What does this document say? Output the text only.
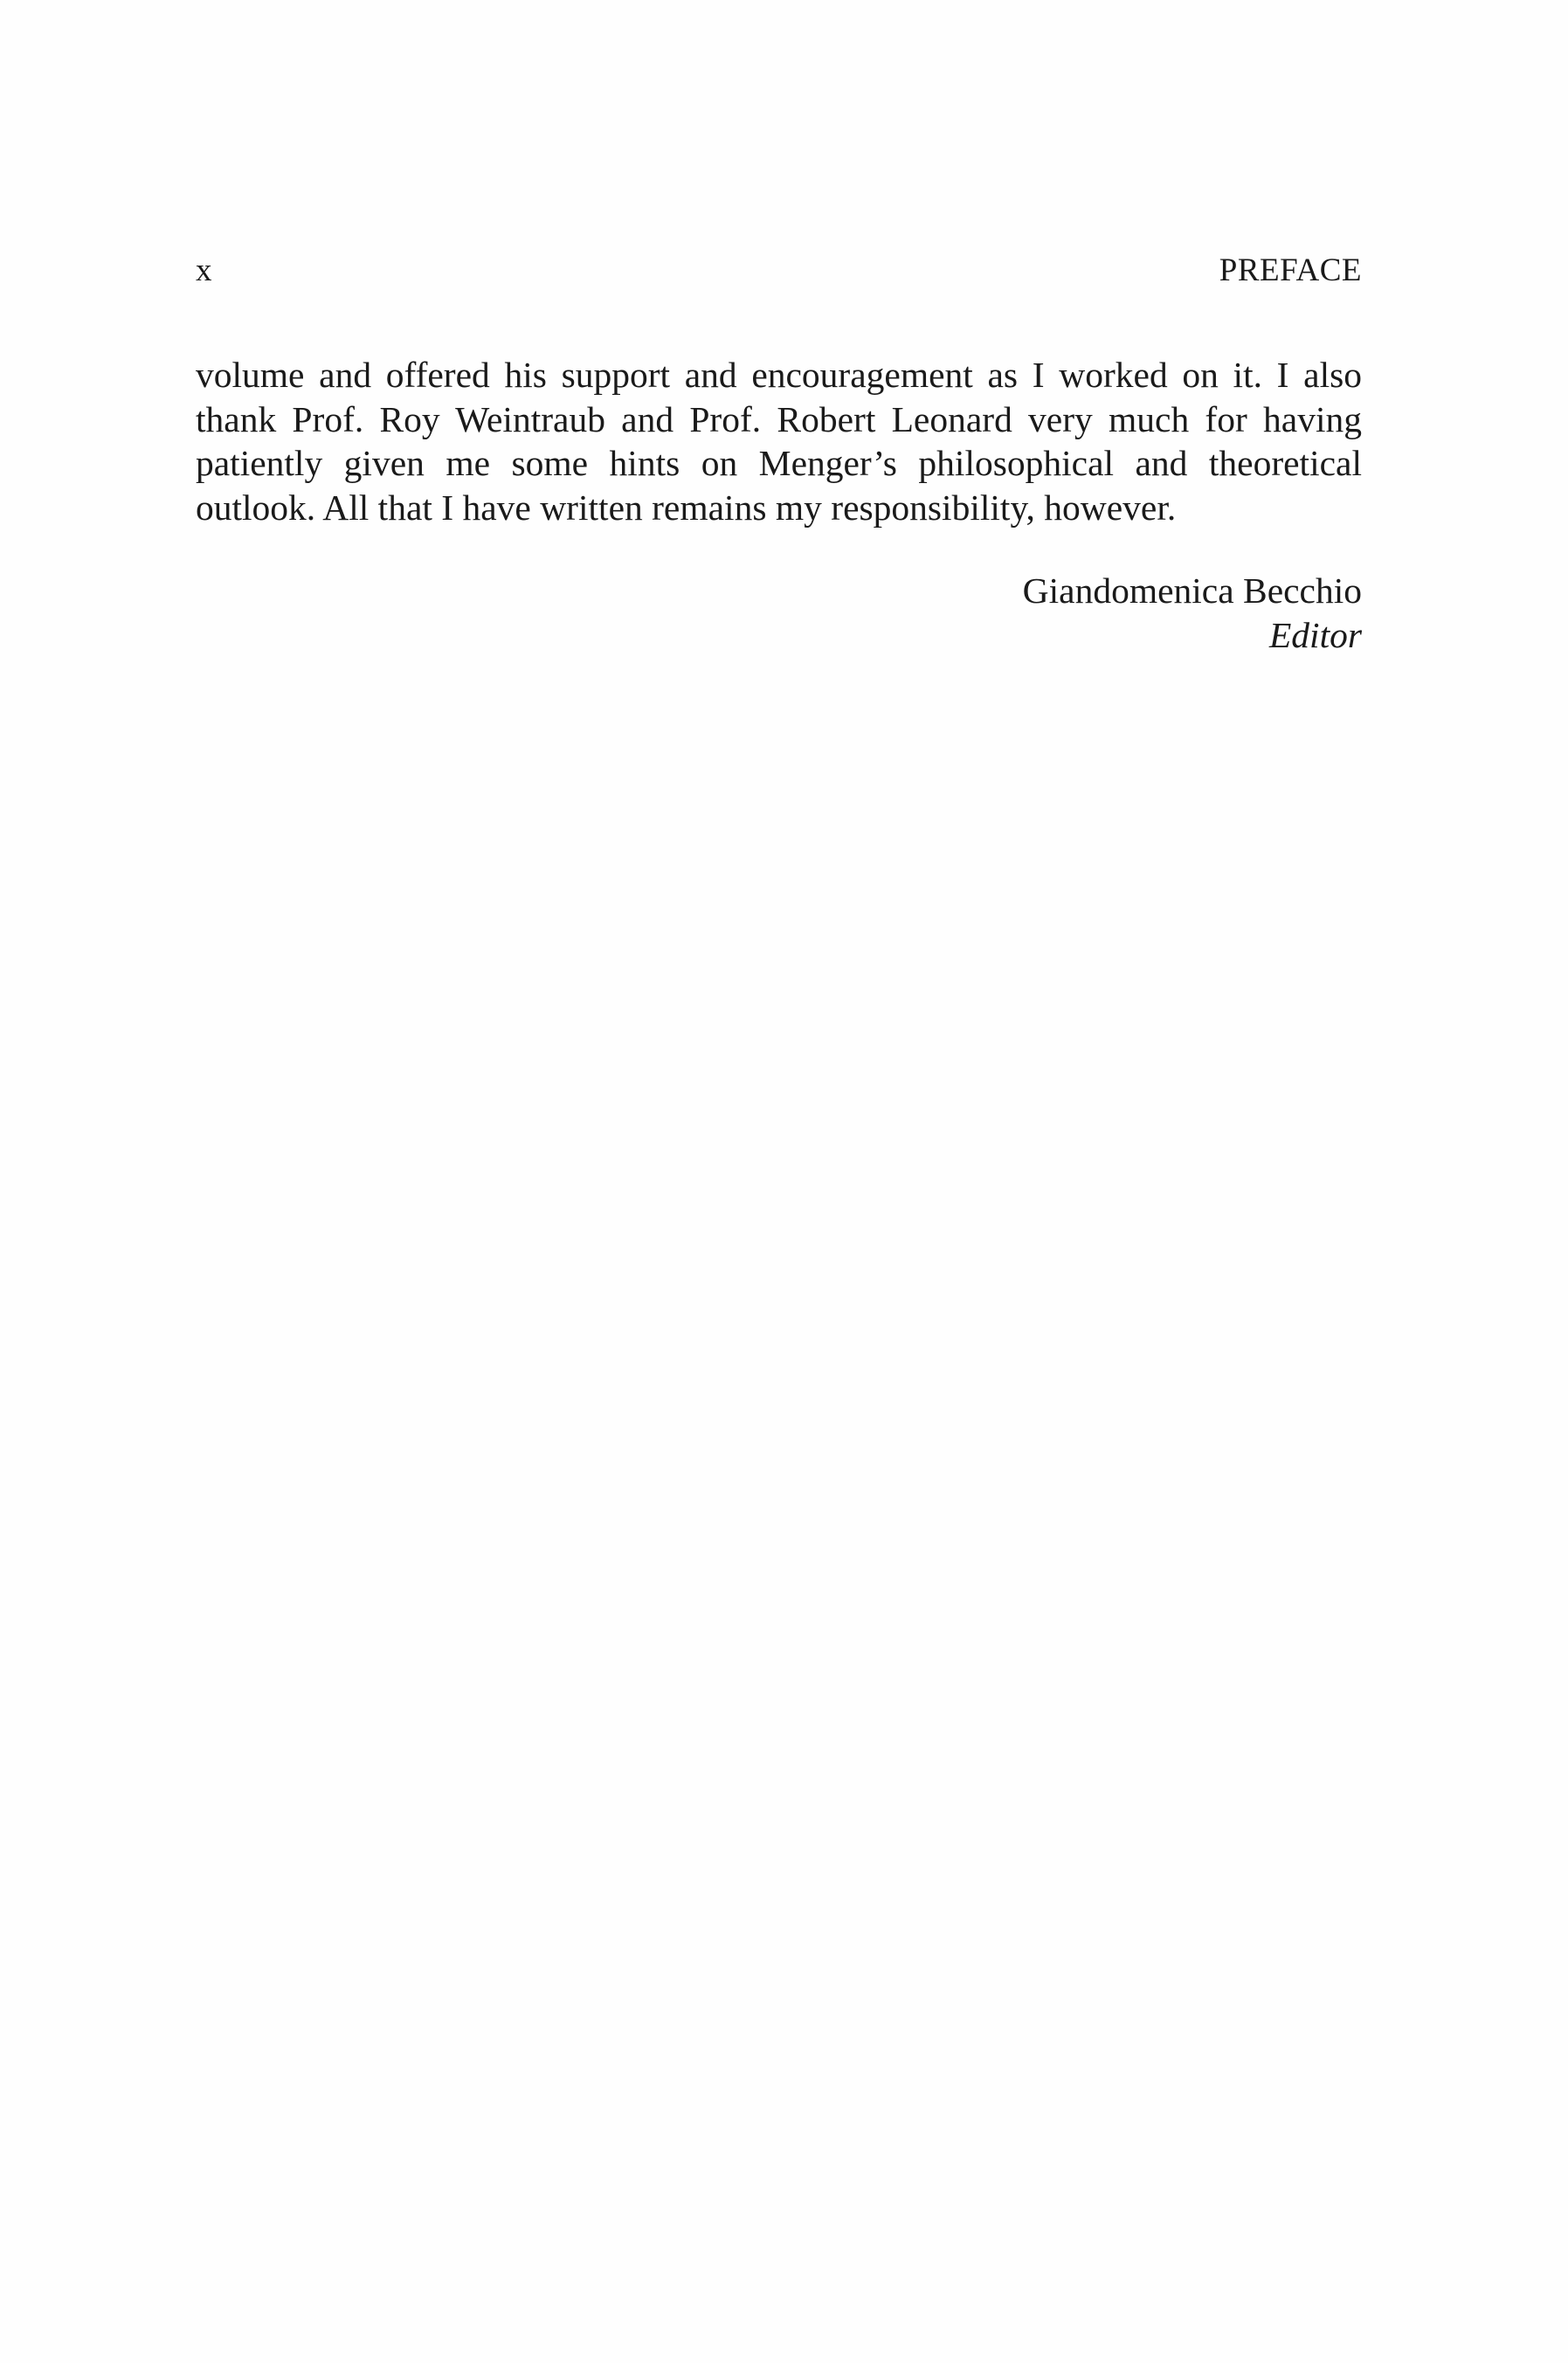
x	PREFACE
volume and offered his support and encouragement as I worked on it. I also
thank Prof. Roy Weintraub and Prof. Robert Leonard very much for having
patiently given me some hints on Menger’s philosophical and theoretical
outlook. All that I have written remains my responsibility, however.
Giandomenica Becchio
Editor
